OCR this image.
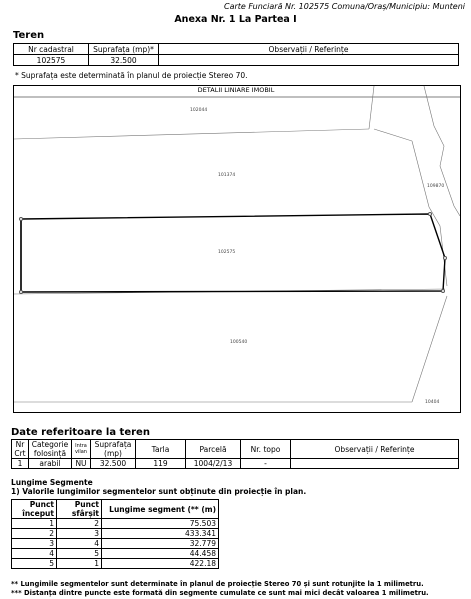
Carte Funciară Nr. 102575 Comuna/Oraș/Municipiu: Munteni
Anexa Nr. 1 La Partea I
Teren
Nr cadastral	Suprafața (mp)*	Observații / Referințe
102575	32.500	
* Suprafața este determinată în planul de proiecție Stereo 70.
DETALII LINIARE IMOBIL
102044
101374
102575
100540
109870
10404
Date referitoare la teren
Nr Crt	Categorie folosință	Intra vilan	Suprafața (mp)	Tarla	Parcelă	Nr. topo	Observații / Referințe
1	arabil	NU	32.500	119	1004/2/13	-	
Lungime Segmente
1) Valorile lungimilor segmentelor sunt obținute din proiecție în plan.
Punct început	Punct sfârșit	Lungime segment (** (m)
1	2	75.503
2	3	433.341
3	4	32.779
4	5	44.458
5	1	422.18
** Lungimile segmentelor sunt determinate în planul de proiecție Stereo 70 și sunt rotunjite la 1 milimetru.
*** Distanța dintre puncte este formată din segmente cumulate ce sunt mai mici decât valoarea 1 milimetru.
